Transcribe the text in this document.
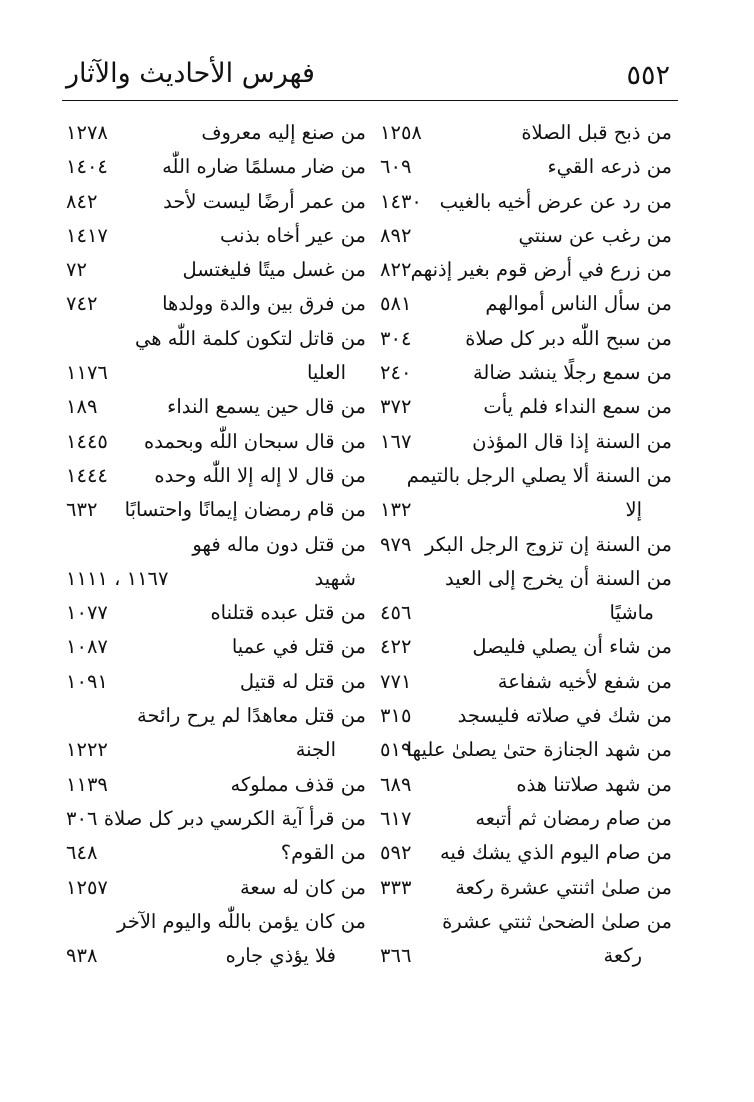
٥٥٢
فهرس الأحاديث والآثار
من ذبح قبل الصلاة
١٢٥٨
من ذرعه القيء
٦٠٩
من رد عن عرض أخيه بالغيب
١٤٣٠
من رغب عن سنتي
٨٩٢
من زرع في أرض قوم بغير إذنهم
٨٢٢
من سأل الناس أموالهم
٥٨١
من سبح اللّٰه دبر كل صلاة
٣٠٤
من سمع رجلًا ينشد ضالة
٢٤٠
من سمع النداء فلم يأت
٣٧٢
من السنة إذا قال المؤذن
١٦٧
من السنة ألا يصلي الرجل بالتيمم
إلا
١٣٢
من السنة إن تزوج الرجل البكر
٩٧٩
من السنة أن يخرج إلى العيد
ماشيًا
٤٥٦
من شاء أن يصلي فليصل
٤٢٢
من شفع لأخيه شفاعة
٧٧١
من شك في صلاته فليسجد
٣١٥
من شهد الجنازة حتىٰ يصلىٰ عليها
٥١٩
من شهد صلاتنا هذه
٦٨٩
من صام رمضان ثم أتبعه
٦١٧
من صام اليوم الذي يشك فيه
٥٩٢
من صلىٰ اثنتي عشرة ركعة
٣٣٣
من صلىٰ الضحىٰ ثنتي عشرة
ركعة
٣٦٦
من صنع إليه معروف
١٢٧٨
من ضار مسلمًا ضاره اللّٰه
١٤٠٤
من عمر أرضًا ليست لأحد
٨٤٢
من عير أخاه بذنب
١٤١٧
من غسل ميتًا فليغتسل
٧٢
من فرق بين والدة وولدها
٧٤٢
من قاتل لتكون كلمة اللّٰه هي
العليا
١١٧٦
من قال حين يسمع النداء
١٨٩
من قال سبحان اللّٰه وبحمده
١٤٤٥
من قال لا إله إلا اللّٰه وحده
١٤٤٤
من قام رمضان إيمانًا واحتسابًا
٦٣٢
من قتل دون ماله فهو
شهيد
١١٦٧ ، ١١١١
من قتل عبده قتلناه
١٠٧٧
من قتل في عميا
١٠٨٧
من قتل له قتيل
١٠٩١
من قتل معاهدًا لم يرح رائحة
الجنة
١٢٢٢
من قذف مملوكه
١١٣٩
من قرأ آية الكرسي دبر كل صلاة
٣٠٦
من القوم؟
٦٤٨
من كان له سعة
١٢٥٧
من كان يؤمن باللّٰه واليوم الآخر
فلا يؤذي جاره
٩٣٨
